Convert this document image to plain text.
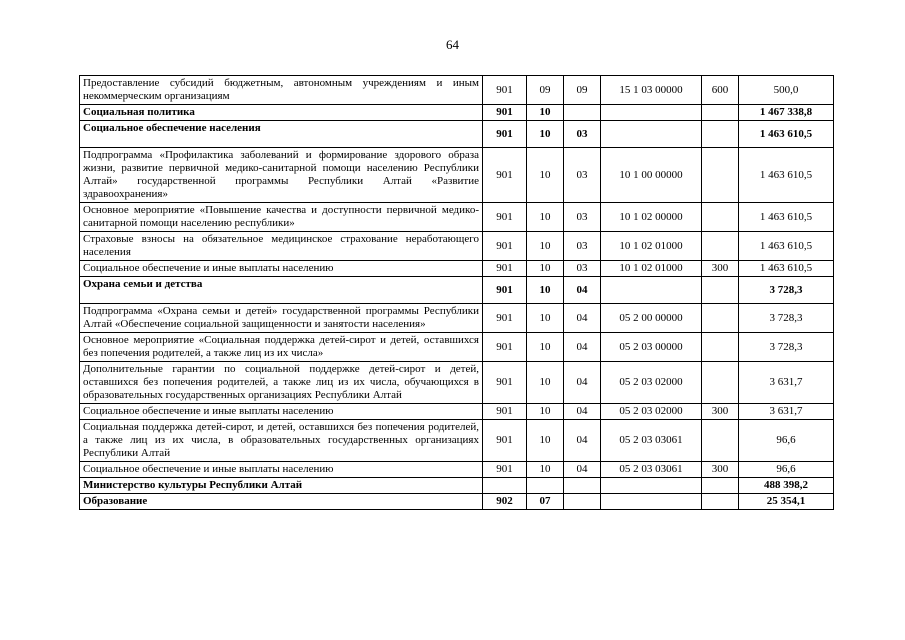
64
Предоставление субсидий бюджетным, автономным учреждениям и иным некоммерческим организациям	901	09	09	15 1 03 00000	600	500,0
Социальная политика	901	10				1 467 338,8
Социальное обеспечение населения	901	10	03			1 463 610,5
Подпрограмма «Профилактика заболеваний и формирование здорового образа жизни, развитие первичной медико-санитарной помощи населению Республики Алтай» государственной программы Республики Алтай «Развитие здравоохранения»	901	10	03	10 1 00 00000		1 463 610,5
Основное мероприятие «Повышение качества и доступности первичной медико-санитарной помощи населению республики»	901	10	03	10 1 02 00000		1 463 610,5
Страховые взносы на обязательное медицинское страхование неработающего населения	901	10	03	10 1 02 01000		1 463 610,5
Социальное обеспечение и иные выплаты населению	901	10	03	10 1 02 01000	300	1 463 610,5
Охрана семьи и детства	901	10	04			3 728,3
Подпрограмма «Охрана семьи и детей» государственной программы Республики Алтай «Обеспечение социальной защищенности и занятости населения»	901	10	04	05 2 00 00000		3 728,3
Основное мероприятие «Социальная поддержка детей-сирот и детей, оставшихся без попечения родителей, а также лиц из их числа»	901	10	04	05 2 03 00000		3 728,3
Дополнительные гарантии по социальной поддержке детей-сирот и детей, оставшихся без попечения родителей, а также лиц из их числа, обучающихся в образовательных государственных организациях Республики Алтай	901	10	04	05 2 03 02000		3 631,7
Социальное обеспечение и иные выплаты населению	901	10	04	05 2 03 02000	300	3 631,7
Социальная поддержка детей-сирот, и детей, оставшихся без попечения родителей, а также лиц из их числа, в образовательных государственных организациях Республики Алтай	901	10	04	05 2 03 03061		96,6
Социальное обеспечение и иные выплаты населению	901	10	04	05 2 03 03061	300	96,6
Министерство культуры Республики Алтай						488 398,2
Образование	902	07				25 354,1
